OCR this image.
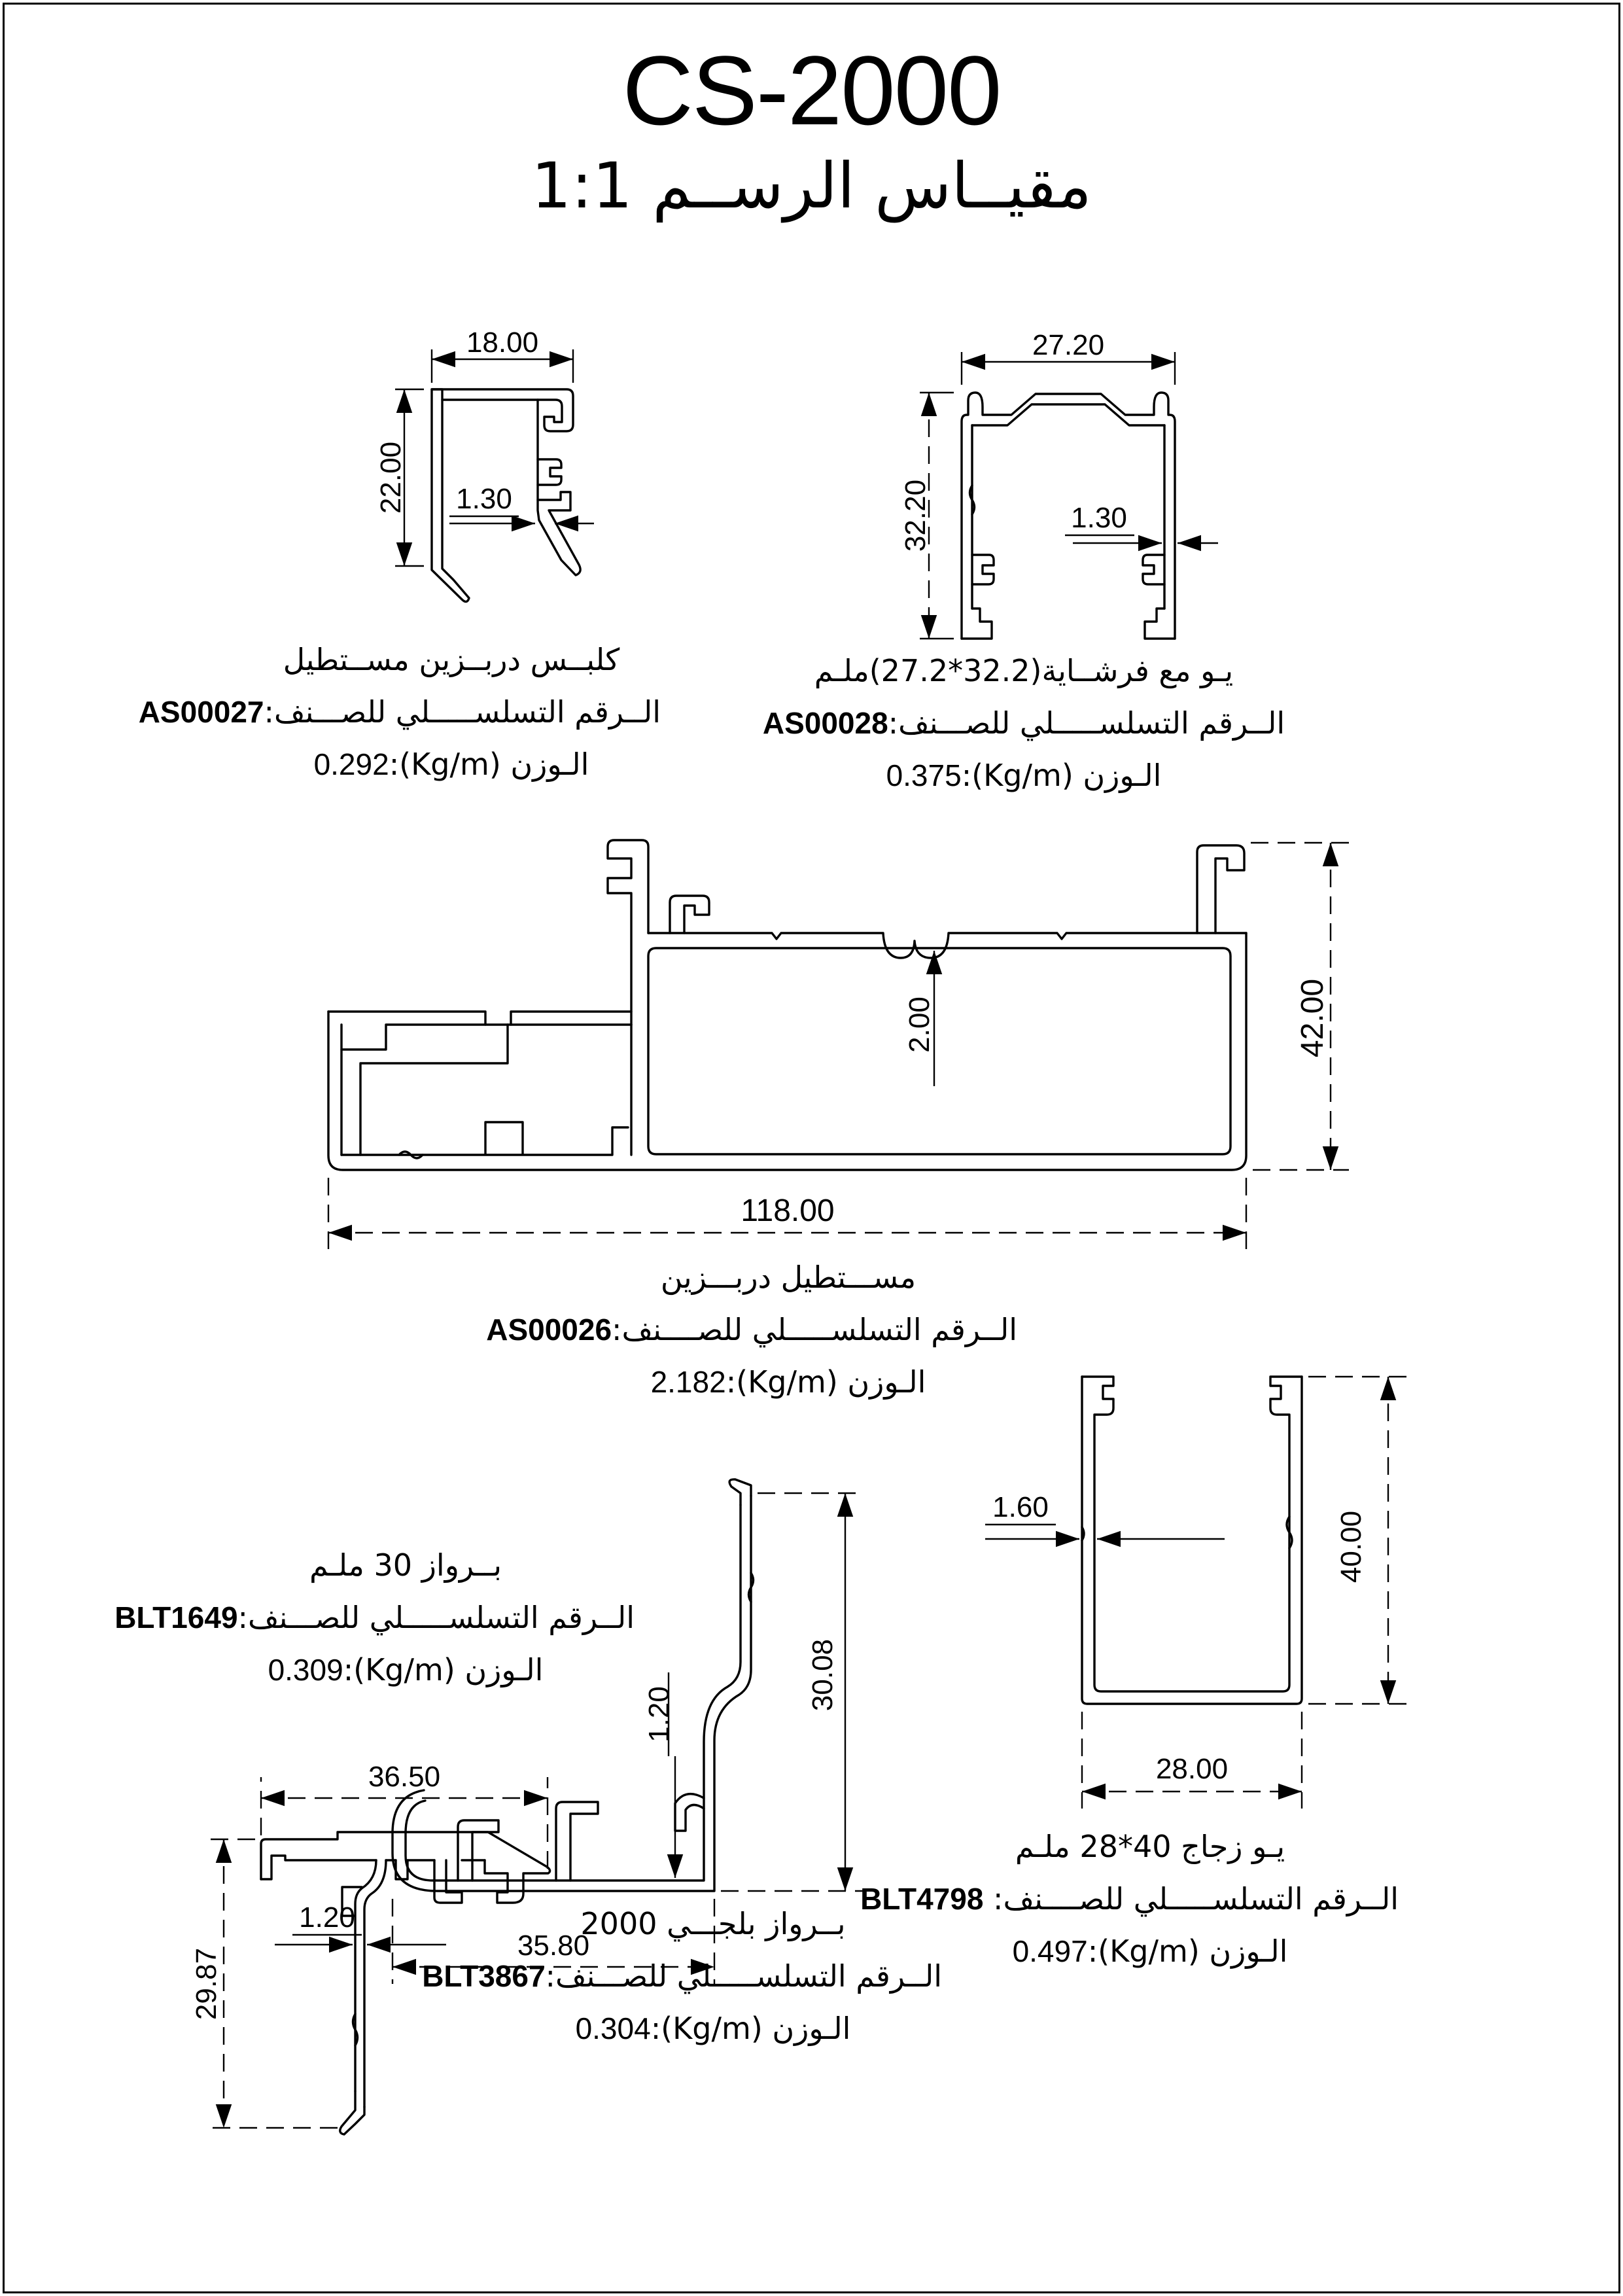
CS-2000
مقيــاس الرســم 1:1
18.00
22.00 1.30
27.20
32.20	1.30
2.00	42.00
118.00
1.20
30.08
35.80
1.60
40.00
28.00
36.50
1.20
29.87
كلبــس دربــزين مســتطيل
الــرقم التسلســـــلي للصـــنف:AS00027
الـوزن (Kg/m):0.292
يـو مع فرشــاية(32.2*27.2)ملـم
الــرقم التسلســـــلي للصـــنف:AS00028
الـوزن (Kg/m):0.375
مســـتطيل دربـــزين
الــرقم التسلســـــلي للصــــنف:AS00026
الـوزن (Kg/m):2.182
بــرواز 30 ملـم
الــرقم التسلســـــلي للصـــنف:BLT1649
الـوزن (Kg/m):0.309
يـو زجاج 40*28 ملـم
الــرقم التسلســـــلي للصــــنف: BLT4798
الـوزن (Kg/m):0.497
بــرواز بلجـــي 2000
الــرقم التسلســـــلي للصـــنف:BLT3867
الـوزن (Kg/m):0.304
